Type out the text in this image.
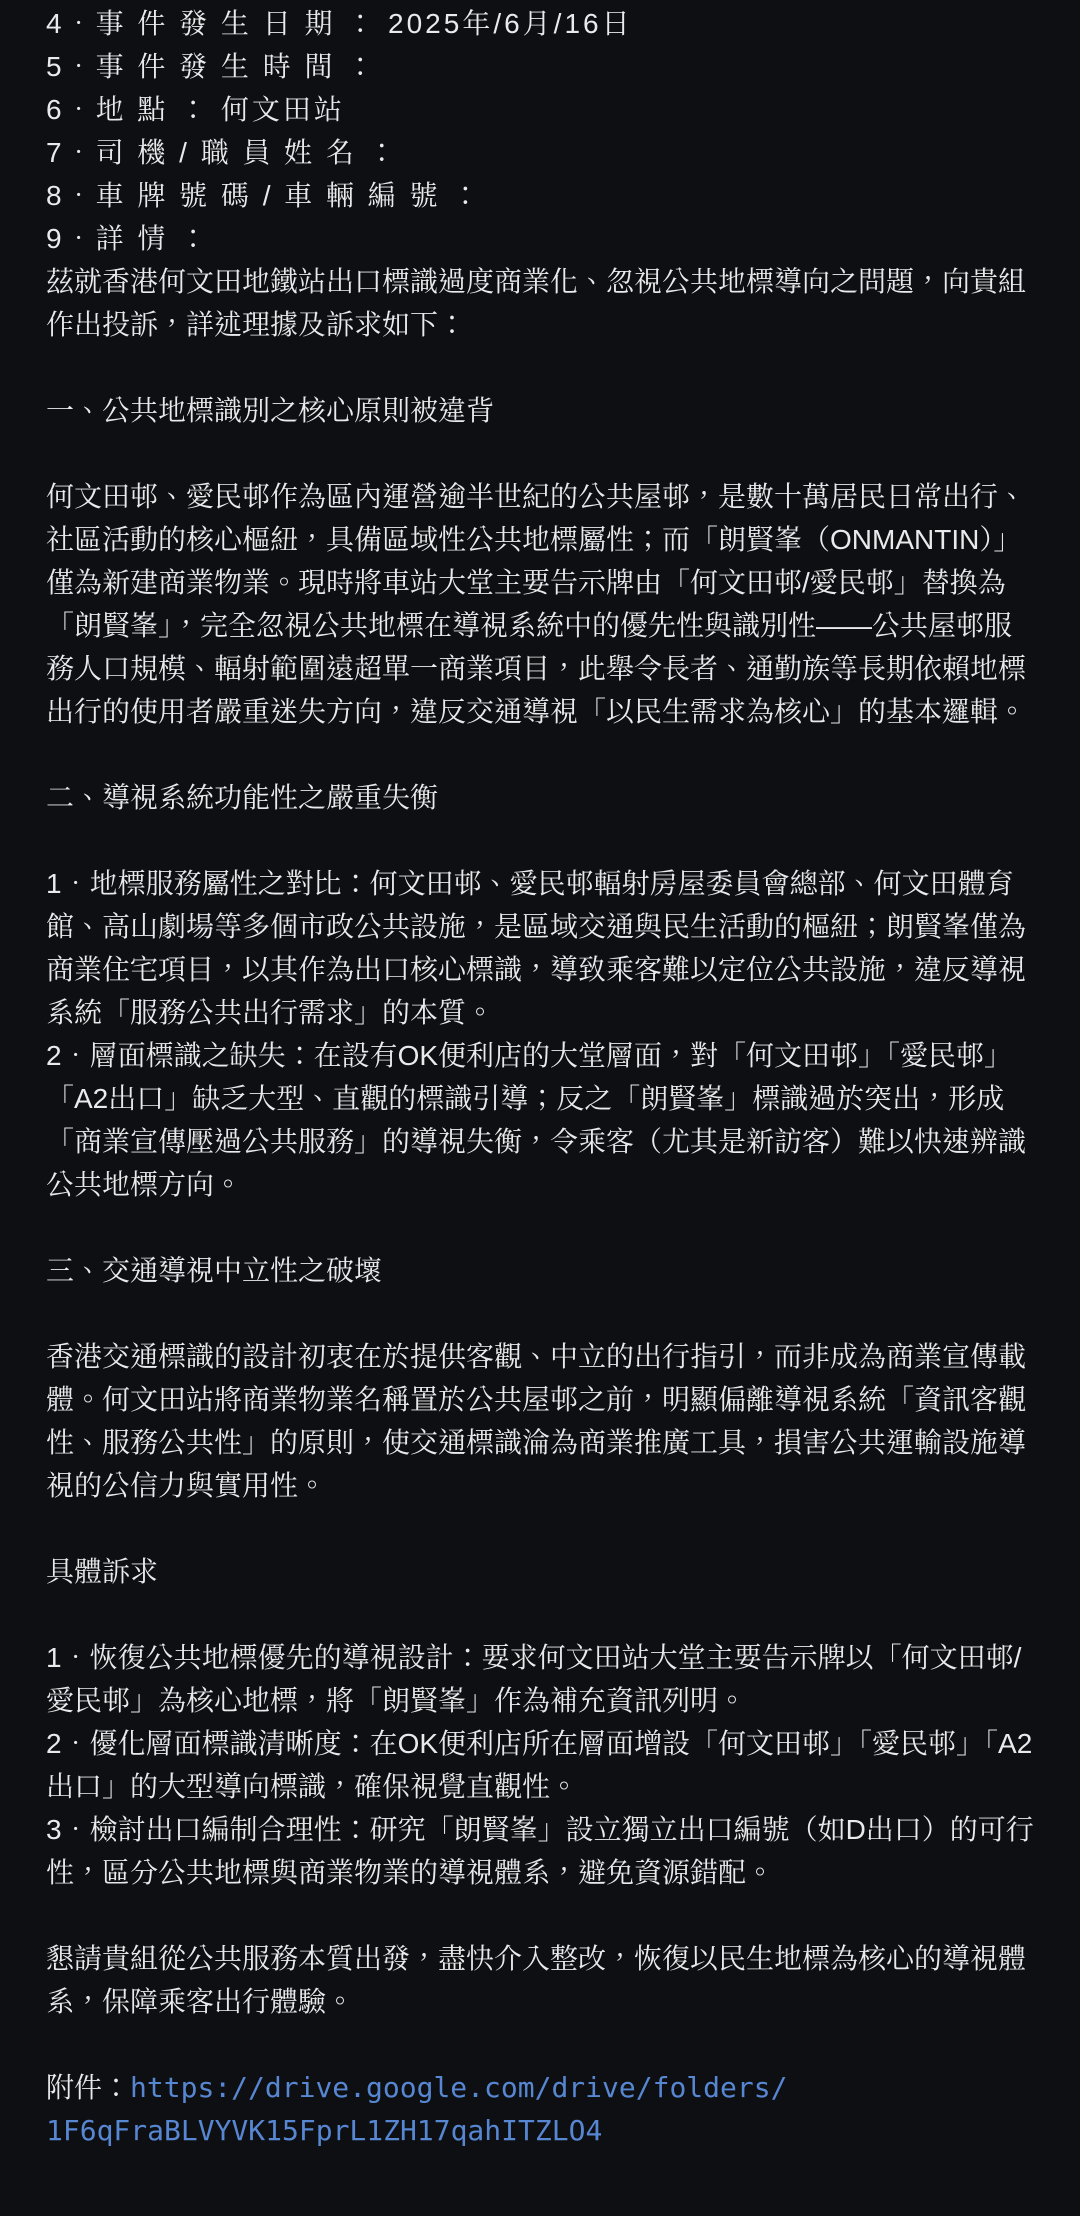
4．事 件 發 生 日 期 ： 2025年/6月/16日
5．事 件 發 生 時 間 ：
6．地 點 ： 何文田站
7．司 機 / 職 員 姓 名 ：
8．車 牌 號 碼 / 車 輛 編 號 ：
9．詳 情 ：

茲就香港何文田地鐵站出口標識過度商業化、忽視公共地標導向之問題，向貴組作出投訴，詳述理據及訴求如下：

一、公共地標識別之核心原則被違背

何文田邨、愛民邨作為區內運營逾半世紀的公共屋邨，是數十萬居民日常出行、社區活動的核心樞紐，具備區域性公共地標屬性；而「朗賢峯（ONMANTIN）」僅為新建商業物業。現時將車站大堂主要告示牌由「何文田邨/愛民邨」替換為「朗賢峯」，完全忽視公共地標在導視系統中的優先性與識別性——公共屋邨服務人口規模、輻射範圍遠超單一商業項目，此舉令長者、通勤族等長期依賴地標出行的使用者嚴重迷失方向，違反交通導視「以民生需求為核心」的基本邏輯。

二、導視系統功能性之嚴重失衡

1．地標服務屬性之對比：何文田邨、愛民邨輻射房屋委員會總部、何文田體育館、高山劇場等多個市政公共設施，是區域交通與民生活動的樞紐；朗賢峯僅為商業住宅項目，以其作為出口核心標識，導致乘客難以定位公共設施，違反導視系統「服務公共出行需求」的本質。

2．層面標識之缺失：在設有OK便利店的大堂層面，對「何文田邨」「愛民邨」「A2出口」缺乏大型、直觀的標識引導；反之「朗賢峯」標識過於突出，形成「商業宣傳壓過公共服務」的導視失衡，令乘客（尤其是新訪客）難以快速辨識公共地標方向。

三、交通導視中立性之破壞

香港交通標識的設計初衷在於提供客觀、中立的出行指引，而非成為商業宣傳載體。何文田站將商業物業名稱置於公共屋邨之前，明顯偏離導視系統「資訊客觀性、服務公共性」的原則，使交通標識淪為商業推廣工具，損害公共運輸設施導視的公信力與實用性。

具體訴求

1．恢復公共地標優先的導視設計：要求何文田站大堂主要告示牌以「何文田邨/愛民邨」為核心地標，將「朗賢峯」作為補充資訊列明。

2．優化層面標識清晰度：在OK便利店所在層面增設「何文田邨」「愛民邨」「A2出口」的大型導向標識，確保視覺直觀性。

3．檢討出口編制合理性：研究「朗賢峯」設立獨立出口編號（如D出口）的可行性，區分公共地標與商業物業的導視體系，避免資源錯配。

懇請貴組從公共服務本質出發，盡快介入整改，恢復以民生地標為核心的導視體系，保障乘客出行體驗。

附件：https://drive.google.com/drive/folders/
1F6qFraBLVYVK15FprL1ZH17qahITZLO4
